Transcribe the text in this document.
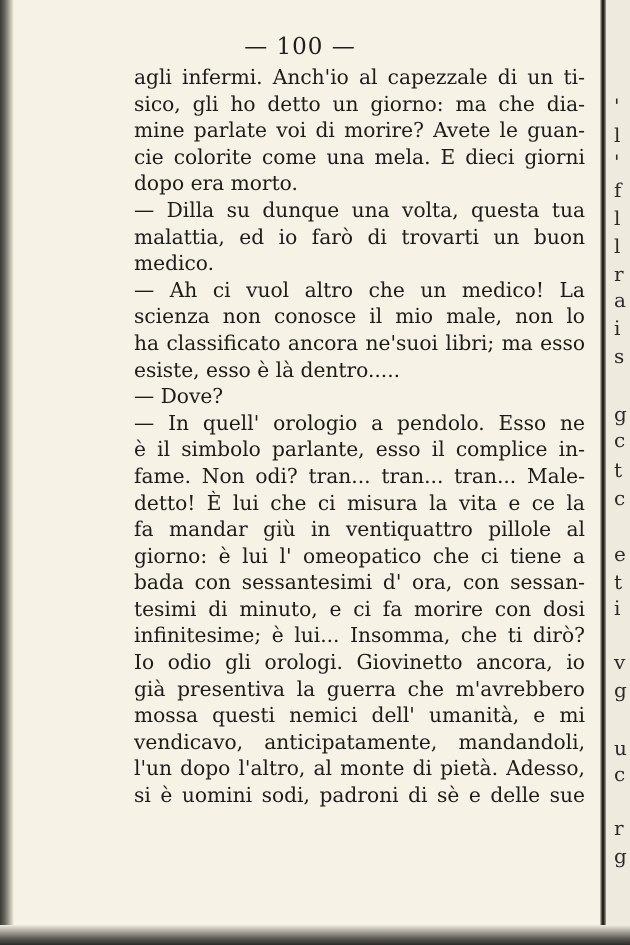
— 100 —
agli infermi. Anch'io al capezzale di un ti-
sico, gli ho detto un giorno: ma che dia-
mine parlate voi di morire? Avete le guan-
cie colorite come una mela. E dieci giorni
dopo era morto.
— Dilla su dunque una volta, questa tua
malattia, ed io farò di trovarti un buon
medico.
— Ah ci vuol altro che un medico! La
scienza non conosce il mio male, non lo
ha classificato ancora ne'suoi libri; ma esso
esiste, esso è là dentro.....
— Dove?
— In quell' orologio a pendolo. Esso ne
è il simbolo parlante, esso il complice in-
fame. Non odi? tran... tran... tran... Male-
detto! È lui che ci misura la vita e ce la
fa mandar giù in ventiquattro pillole al
giorno: è lui l' omeopatico che ci tiene a
bada con sessantesimi d' ora, con sessan-
tesimi di minuto, e ci fa morire con dosi
infinitesime; è lui... Insomma, che ti dirò?
Io odio gli orologi. Giovinetto ancora, io
già presentiva la guerra che m'avrebbero
mossa questi nemici dell' umanità, e mi
vendicavo, anticipatamente, mandandoli,
l'un dopo l'altro, al monte di pietà. Adesso,
si è uomini sodi, padroni di sè e delle sue
'
l
'
f
l
l
r
a
i
s
g
c
t
c
e
t
i
v
g
u
c
r
g
